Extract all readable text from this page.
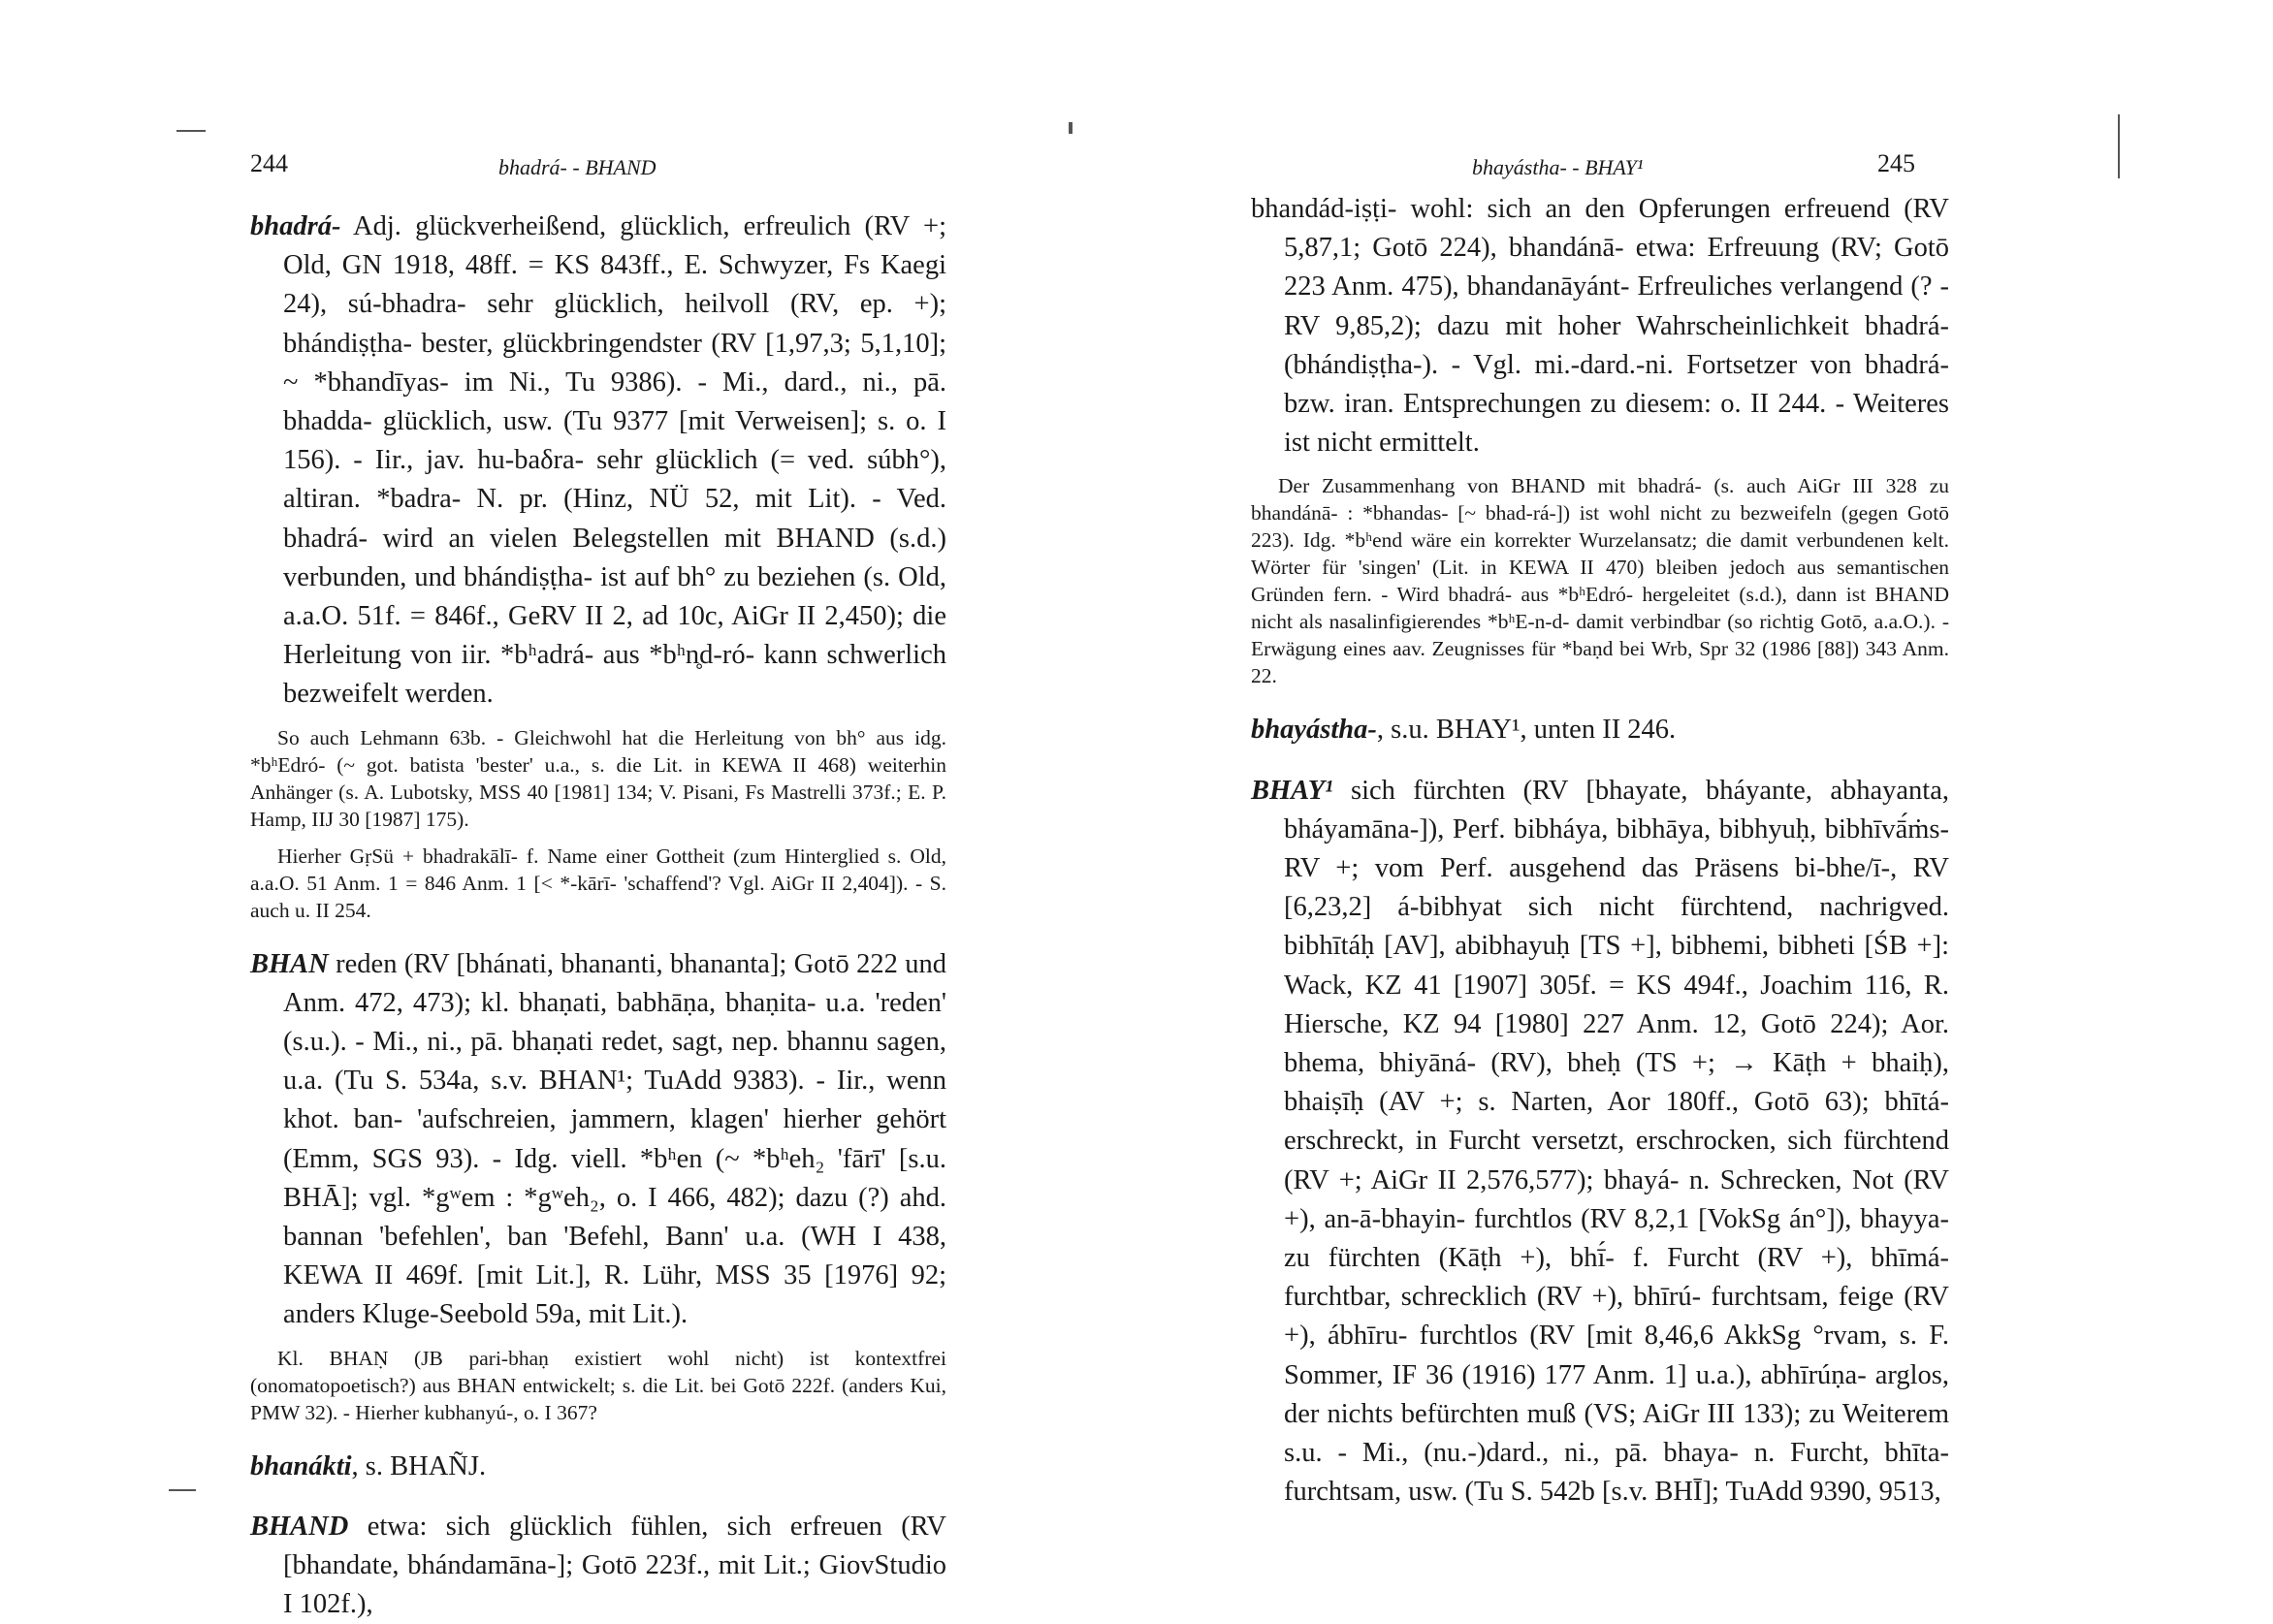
244	bhadrá- - BHAND

bhadrá- Adj. glückverheißend, glücklich, erfreulich (RV +; Old, GN 1918, 48ff. = KS 843ff., E. Schwyzer, Fs Kaegi 24), sú-bhadra- sehr glücklich, heilvoll (RV, ep. +); bhándiṣṭha- bester, glückbringendster (RV [1,97,3; 5,1,10]; ~ *bhandīyas- im Ni., Tu 9386). - Mi., dard., ni., pā. bhadda- glücklich, usw. (Tu 9377 [mit Verweisen]; s. o. I 156). - Iir., jav. hu-baδra- sehr glücklich (= ved. súbh°), altiran. *badra- N. pr. (Hinz, NÜ 52, mit Lit). - Ved. bhadrá- wird an vielen Belegstellen mit BHAND (s.d.) verbunden, und bhándiṣṭha- ist auf bh° zu beziehen (s. Old, a.a.O. 51f. = 846f., GeRV II 2, ad 10c, AiGr II 2,450); die Herleitung von iir. *bʰadrá- aus *bʰn̥d-ró- kann schwerlich bezweifelt werden.

So auch Lehmann 63b. - Gleichwohl hat die Herleitung von bh° aus idg. *bʰEdró- (~ got. batista 'bester' u.a., s. die Lit. in KEWA II 468) weiterhin Anhänger (s. A. Lubotsky, MSS 40 [1981] 134; V. Pisani, Fs Mastrelli 373f.; E. P. Hamp, IIJ 30 [1987] 175).

Hierher GṛSü + bhadrakālī- f. Name einer Gottheit (zum Hinterglied s. Old, a.a.O. 51 Anm. 1 = 846 Anm. 1 [< *-kārī- 'schaffend'? Vgl. AiGr II 2,404]). - S. auch u. II 254.

BHAN reden (RV [bhánati, bhananti, bhananta]; Gotō 222 und Anm. 472, 473); kl. bhaṇati, babhāṇa, bhaṇita- u.a. 'reden' (s.u.). - Mi., ni., pā. bhaṇati redet, sagt, nep. bhannu sagen, u.a. (Tu S. 534a, s.v. BHAN¹; TuAdd 9383). - Iir., wenn khot. ban- 'aufschreien, jammern, klagen' hierher gehört (Emm, SGS 93). - Idg. viell. *bʰen (~ *bʰeh₂ 'fārī' [s.u. BHĀ]; vgl. *gʷem : *gʷeh₂, o. I 466, 482); dazu (?) ahd. bannan 'befehlen', ban 'Befehl, Bann' u.a. (WH I 438, KEWA II 469f. [mit Lit.], R. Lühr, MSS 35 [1976] 92; anders Kluge-Seebold 59a, mit Lit.).

Kl. BHAṆ (JB pari-bhaṇ existiert wohl nicht) ist kontextfrei (onomatopoetisch?) aus BHAN entwickelt; s. die Lit. bei Gotō 222f. (anders Kui, PMW 32). - Hierher kubhanyú-, o. I 367?

bhanákti, s. BHAÑJ.

BHAND etwa: sich glücklich fühlen, sich erfreuen (RV [bhandate, bhándamāna-]; Gotō 223f., mit Lit.; GiovStudio I 102f.),

bhayástha- - BHAY¹	245

bhandád-iṣṭi- wohl: sich an den Opferungen erfreuend (RV 5,87,1; Gotō 224), bhandánā- etwa: Erfreuung (RV; Gotō 223 Anm. 475), bhandanāyánt- Erfreuliches verlangend (? - RV 9,85,2); dazu mit hoher Wahrscheinlichkeit bhadrá- (bhándiṣṭha-). - Vgl. mi.-dard.-ni. Fortsetzer von bhadrá- bzw. iran. Entsprechungen zu diesem: o. II 244. - Weiteres ist nicht ermittelt.

Der Zusammenhang von BHAND mit bhadrá- (s. auch AiGr III 328 zu bhandánā- : *bhandas- [~ bhad-rá-]) ist wohl nicht zu bezweifeln (gegen Gotō 223). Idg. *bʰend wäre ein korrekter Wurzelansatz; die damit verbundenen kelt. Wörter für 'singen' (Lit. in KEWA II 470) bleiben jedoch aus semantischen Gründen fern. - Wird bhadrá- aus *bʰEdró- hergeleitet (s.d.), dann ist BHAND nicht als nasalinfigierendes *bʰE-n-d- damit verbindbar (so richtig Gotō, a.a.O.). - Erwägung eines aav. Zeugnisses für *baṇd bei Wrb, Spr 32 (1986 [88]) 343 Anm. 22.

bhayástha-, s.u. BHAY¹, unten II 246.

BHAY¹ sich fürchten (RV [bhayate, bháyante, abhayanta, bháyamāna-]), Perf. bibháya, bibhāya, bibhyuḥ, bibhīvā́ṁs- RV +; vom Perf. ausgehend das Präsens bi-bhe/ī-, RV [6,23,2] á-bibhyat sich nicht fürchtend, nachrigved. bibhītáḥ [AV], abibhayuḥ [TS +], bibhemi, bibheti [ŚB +]: Wack, KZ 41 [1907] 305f. = KS 494f., Joachim 116, R. Hiersche, KZ 94 [1980] 227 Anm. 12, Gotō 224); Aor. bhema, bhiyāná- (RV), bheḥ (TS +; → Kāṭh + bhaiḥ), bhaiṣīḥ (AV +; s. Narten, Aor 180ff., Gotō 63); bhītá- erschreckt, in Furcht versetzt, erschrocken, sich fürchtend (RV +; AiGr II 2,576,577); bhayá- n. Schrecken, Not (RV +), an-ā-bhayin- furchtlos (RV 8,2,1 [VokSg án°]), bhayya- zu fürchten (Kāṭh +), bhī́- f. Furcht (RV +), bhīmá- furchtbar, schrecklich (RV +), bhīrú- furchtsam, feige (RV +), ábhīru- furchtlos (RV [mit 8,46,6 AkkSg °rvam, s. F. Sommer, IF 36 (1916) 177 Anm. 1] u.a.), abhīrúṇa- arglos, der nichts befürchten muß (VS; AiGr III 133); zu Weiterem s.u. - Mi., (nu.-)dard., ni., pā. bhaya- n. Furcht, bhīta- furchtsam, usw. (Tu S. 542b [s.v. BHĪ]; TuAdd 9390, 9513,
